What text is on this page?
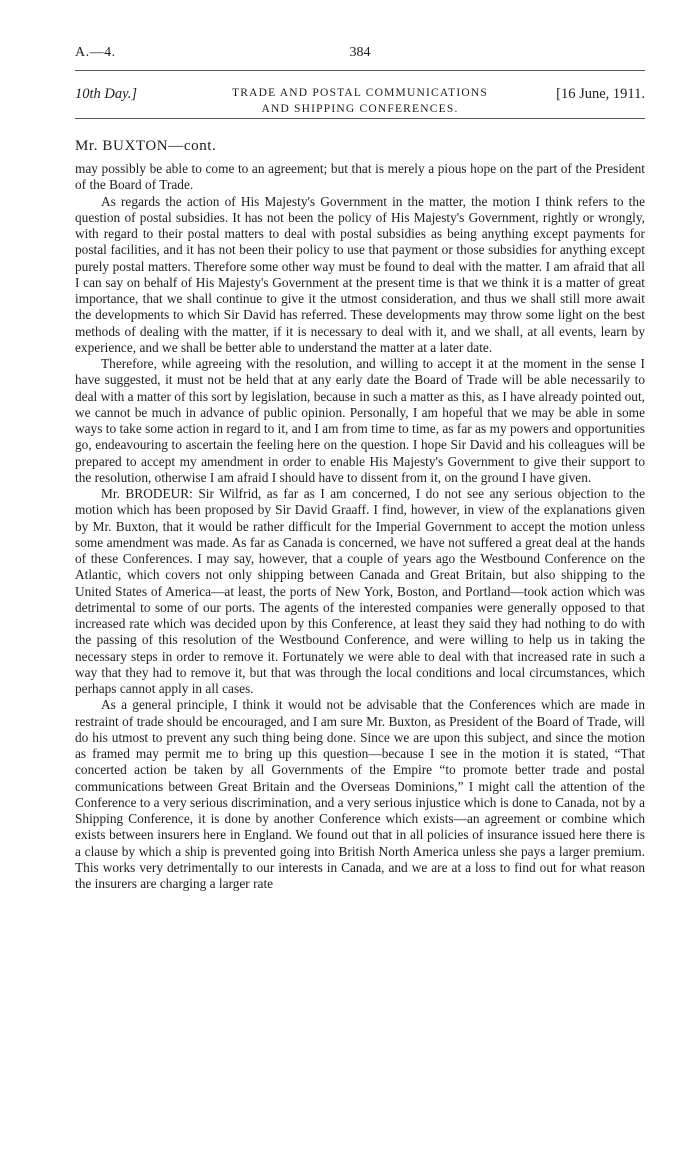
A.—4.	384
10th Day.]	TRADE AND POSTAL COMMUNICATIONS
AND SHIPPING CONFERENCES.
[16 June, 1911.
Mr. BUXTON—cont.

may possibly be able to come to an agreement; but that is merely a pious hope on the part of the President of the Board of Trade.

As regards the action of His Majesty's Government in the matter, the motion I think refers to the question of postal subsidies. It has not been the policy of His Majesty's Government, rightly or wrongly, with regard to their postal matters to deal with postal subsidies as being anything except payments for postal facilities, and it has not been their policy to use that payment or those subsidies for anything except purely postal matters. Therefore some other way must be found to deal with the matter. I am afraid that all I can say on behalf of His Majesty's Government at the present time is that we think it is a matter of great importance, that we shall continue to give it the utmost consideration, and thus we shall still more await the developments to which Sir David has referred. These developments may throw some light on the best methods of dealing with the matter, if it is necessary to deal with it, and we shall, at all events, learn by experience, and we shall be better able to understand the matter at a later date.

Therefore, while agreeing with the resolution, and willing to accept it at the moment in the sense I have suggested, it must not be held that at any early date the Board of Trade will be able necessarily to deal with a matter of this sort by legislation, because in such a matter as this, as I have already pointed out, we cannot be much in advance of public opinion. Personally, I am hopeful that we may be able in some ways to take some action in regard to it, and I am from time to time, as far as my powers and opportunities go, endeavouring to ascertain the feeling here on the question. I hope Sir David and his colleagues will be prepared to accept my amendment in order to enable His Majesty's Government to give their support to the resolution, otherwise I am afraid I should have to dissent from it, on the ground I have given.

Mr. BRODEUR: Sir Wilfrid, as far as I am concerned, I do not see any serious objection to the motion which has been proposed by Sir David Graaff. I find, however, in view of the explanations given by Mr. Buxton, that it would be rather difficult for the Imperial Government to accept the motion unless some amendment was made. As far as Canada is concerned, we have not suffered a great deal at the hands of these Conferences. I may say, however, that a couple of years ago the Westbound Conference on the Atlantic, which covers not only shipping between Canada and Great Britain, but also shipping to the United States of America—at least, the ports of New York, Boston, and Portland—took action which was detrimental to some of our ports. The agents of the interested companies were generally opposed to that increased rate which was decided upon by this Conference, at least they said they had nothing to do with the passing of this resolution of the Westbound Conference, and were willing to help us in taking the necessary steps in order to remove it. Fortunately we were able to deal with that increased rate in such a way that they had to remove it, but that was through the local conditions and local circumstances, which perhaps cannot apply in all cases.

As a general principle, I think it would not be advisable that the Conferences which are made in restraint of trade should be encouraged, and I am sure Mr. Buxton, as President of the Board of Trade, will do his utmost to prevent any such thing being done. Since we are upon this subject, and since the motion as framed may permit me to bring up this question—because I see in the motion it is stated, “That concerted action be taken by all Governments of the Empire “to promote better trade and postal communications between Great Britain and the Overseas Dominions,” I might call the attention of the Conference to a very serious discrimination, and a very serious injustice which is done to Canada, not by a Shipping Conference, it is done by another Conference which exists—an agreement or combine which exists between insurers here in England. We found out that in all policies of insurance issued here there is a clause by which a ship is prevented going into British North America unless she pays a larger premium. This works very detrimentally to our interests in Canada, and we are at a loss to find out for what reason the insurers are charging a larger rate
